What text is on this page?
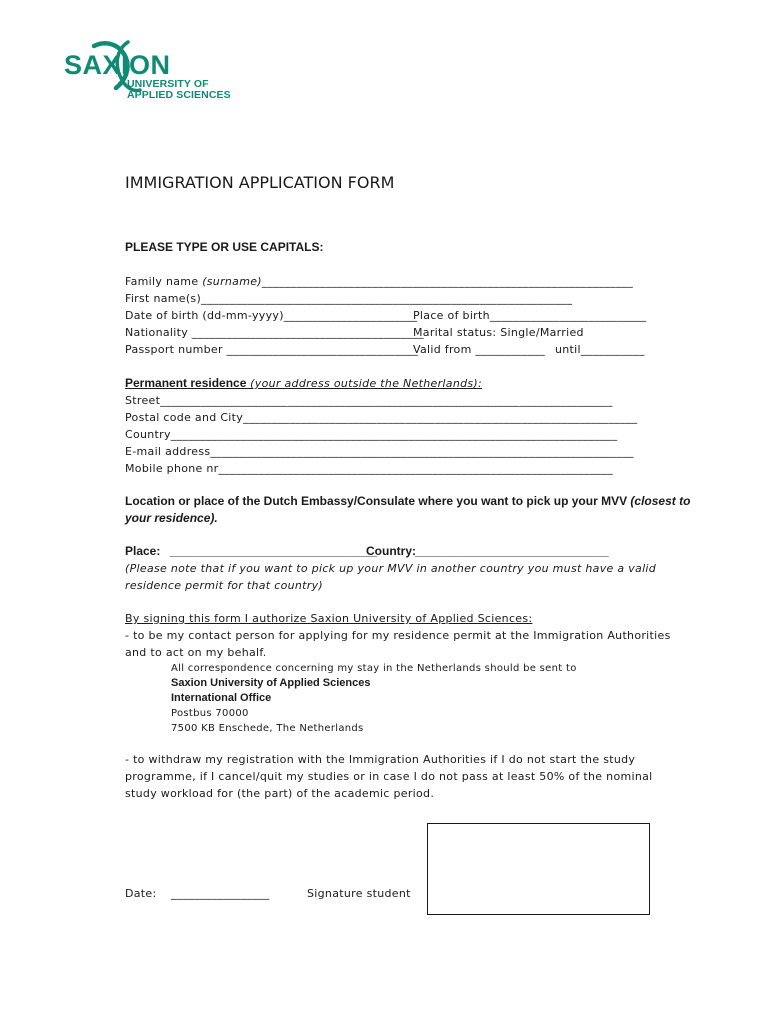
SAXION
UNIVERSITY OF
APPLIED SCIENCES
IMMIGRATION APPLICATION FORM
PLEASE TYPE OR USE CAPITALS:
Family name (surname)________________________________________________________________
First name(s)________________________________________________________________
Date of birth (dd-mm-yyyy)_______________________
Place of birth___________________________
Nationality ________________________________________
Marital status: Single/Married
Passport number _________________________________
Valid from ____________ until___________
Permanent residence (your address outside the Netherlands):
Street______________________________________________________________________________
Postal code and City____________________________________________________________________
Country_____________________________________________________________________________
E-mail address_________________________________________________________________________
Mobile phone nr____________________________________________________________________
Location or place of the Dutch Embassy/Consulate where you want to pick up your MVV (closest to
your residence).
Place: _______________________________
Country: _____________________________
(Please note that if you want to pick up your MVV in another country you must have a valid
residence permit for that country)
By signing this form I authorize Saxion University of Applied Sciences:
- to be my contact person for applying for my residence permit at the Immigration Authorities
and to act on my behalf.
All correspondence concerning my stay in the Netherlands should be sent to
Saxion University of Applied Sciences
International Office
Postbus 70000
7500 KB Enschede, The Netherlands
- to withdraw my registration with the Immigration Authorities if I do not start the study
programme, if I cancel/quit my studies or in case I do not pass at least 50% of the nominal
study workload for (the part) of the academic period.
Date: _________________	Signature student
